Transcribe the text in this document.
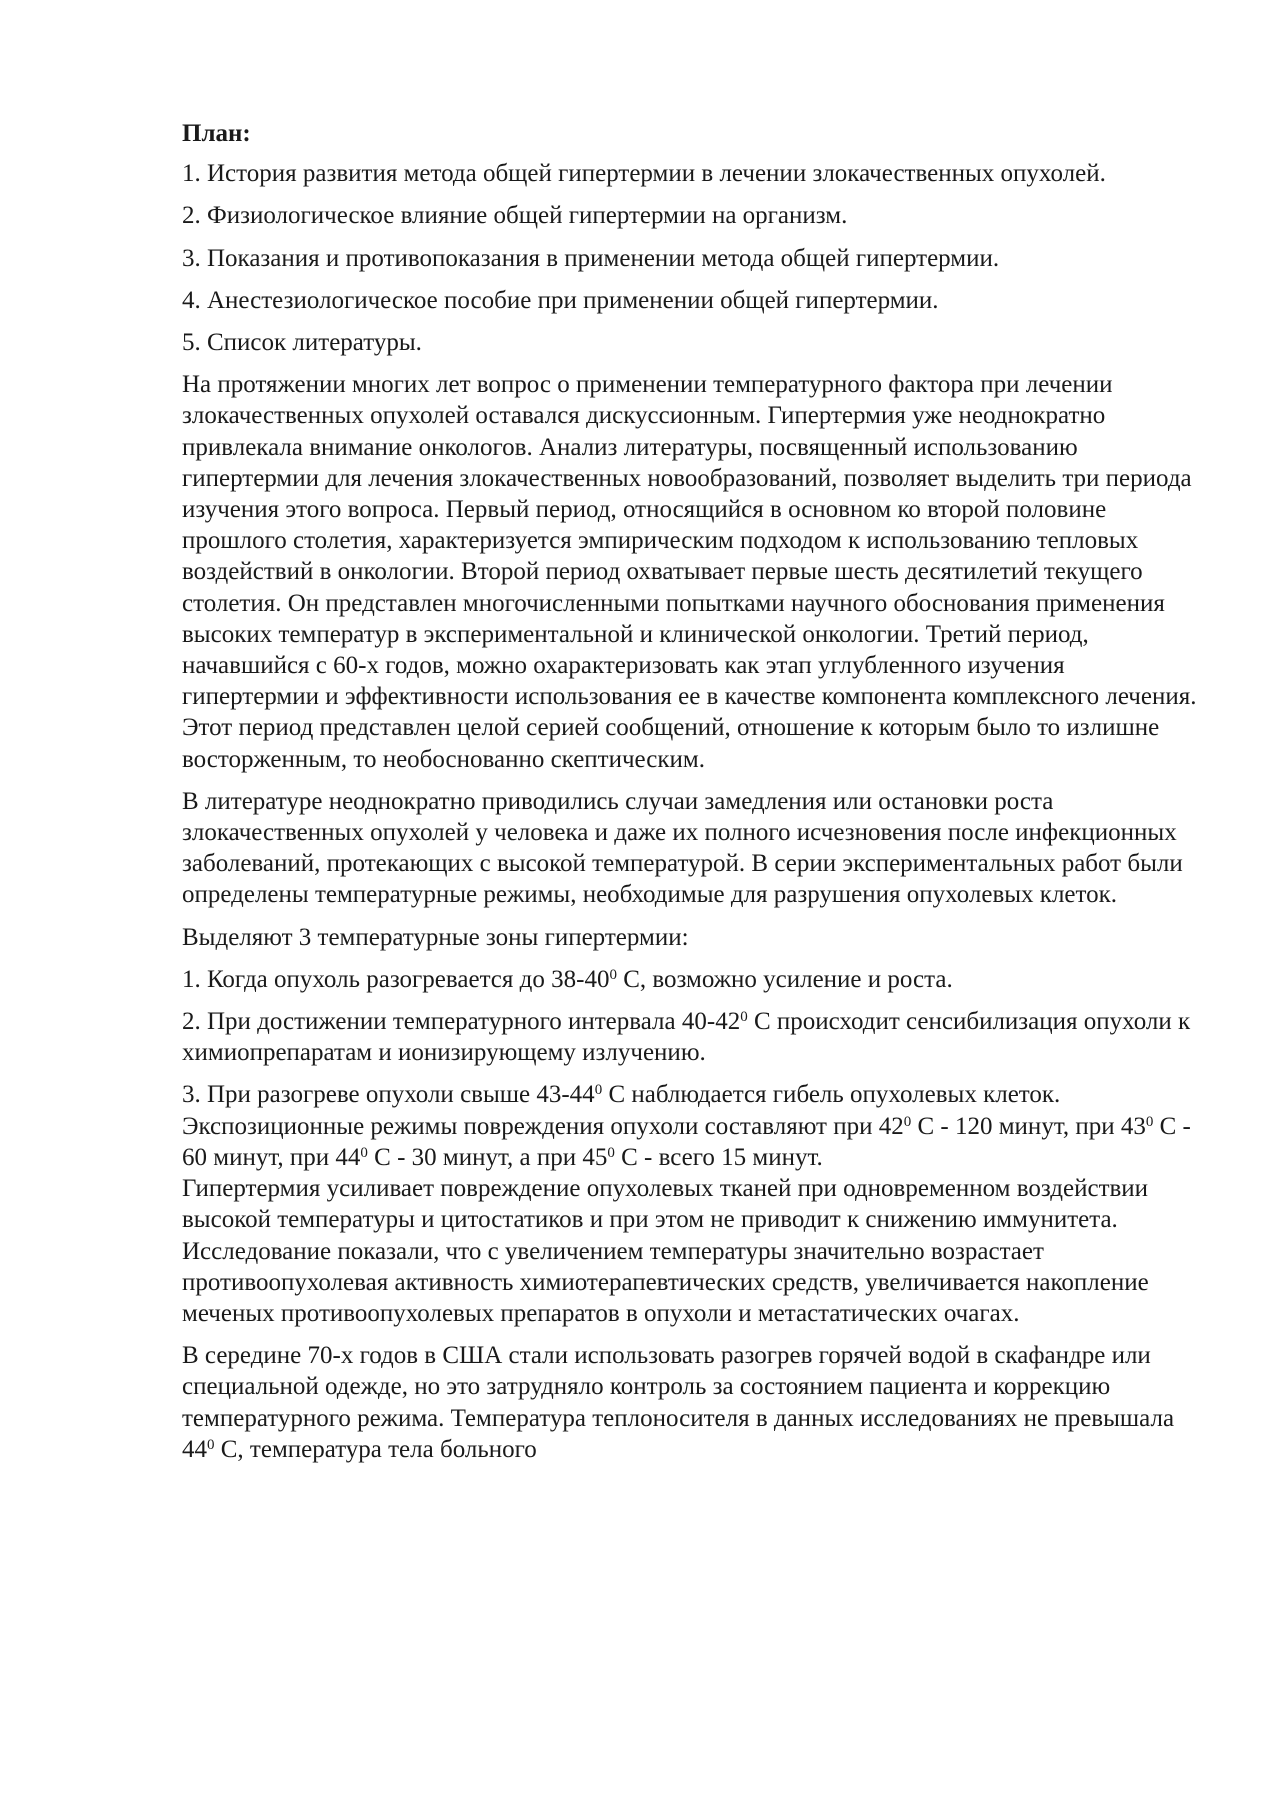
План:

1. История развития метода общей гипертермии в лечении злокачественных опухолей.

2. Физиологическое влияние общей гипертермии на организм.

3. Показания и противопоказания в применении метода общей гипертермии.

4. Анестезиологическое пособие при применении общей гипертермии.

5. Список литературы.

На протяжении многих лет вопрос о применении температурного фактора при лечении злокачественных опухолей оставался дискуссионным. Гипертермия уже неоднократно привлекала внимание онкологов. Анализ литературы, посвященный использованию гипертермии для лечения злокачественных новообразований, позволяет выделить три периода изучения этого вопроса. Первый период, относящийся в основном ко второй половине прошлого столетия, характеризуется эмпирическим подходом к использованию тепловых воздействий в онкологии. Второй период охватывает первые шесть десятилетий текущего столетия. Он представлен многочисленными попытками научного обоснования применения высоких температур в экспериментальной и клинической онкологии. Третий период, начавшийся с 60-х годов, можно охарактеризовать как этап углубленного изучения гипертермии и эффективности использования ее в качестве компонента комплексного лечения. Этот период представлен целой серией сообщений, отношение к которым было то излишне восторженным, то необоснованно скептическим.

В литературе неоднократно приводились случаи замедления или остановки роста злокачественных опухолей у человека и даже их полного исчезновения после инфекционных заболеваний, протекающих с высокой температурой. В серии экспериментальных работ были определены температурные режимы, необходимые для разрушения опухолевых клеток.

Выделяют 3 температурные зоны гипертермии:

1. Когда опухоль разогревается до $38-40^0$ С, возможно усиление и роста.

2. При достижении температурного интервала $40-42^0$ С происходит сенсибилизация опухоли к химиопрепаратам и ионизирующему излучению.

3. При разогреве опухоли свыше $43-44^0$ С наблюдается гибель опухолевых клеток. Экспозиционные режимы повреждения опухоли составляют при $42^0$ С - 120 минут, при $43^0$ С - 60 минут, при $44^0$ С - 30 минут, а при $45^0$ С - всего 15 минут.

Гипертермия усиливает повреждение опухолевых тканей при одновременном воздействии высокой температуры и цитостатиков и при этом не приводит к снижению иммунитета. Исследование показали, что с увеличением температуры значительно возрастает противоопухолевая активность химиотерапевтических средств, увеличивается накопление меченых противоопухолевых препаратов в опухоли и метастатических очагах.

В середине 70-х годов в США стали использовать разогрев горячей водой в скафандре или специальной одежде, но это затрудняло контроль за состоянием пациента и коррекцию температурного режима. Температура теплоносителя в данных исследованиях не превышала $44^0$ С, температура тела больного
